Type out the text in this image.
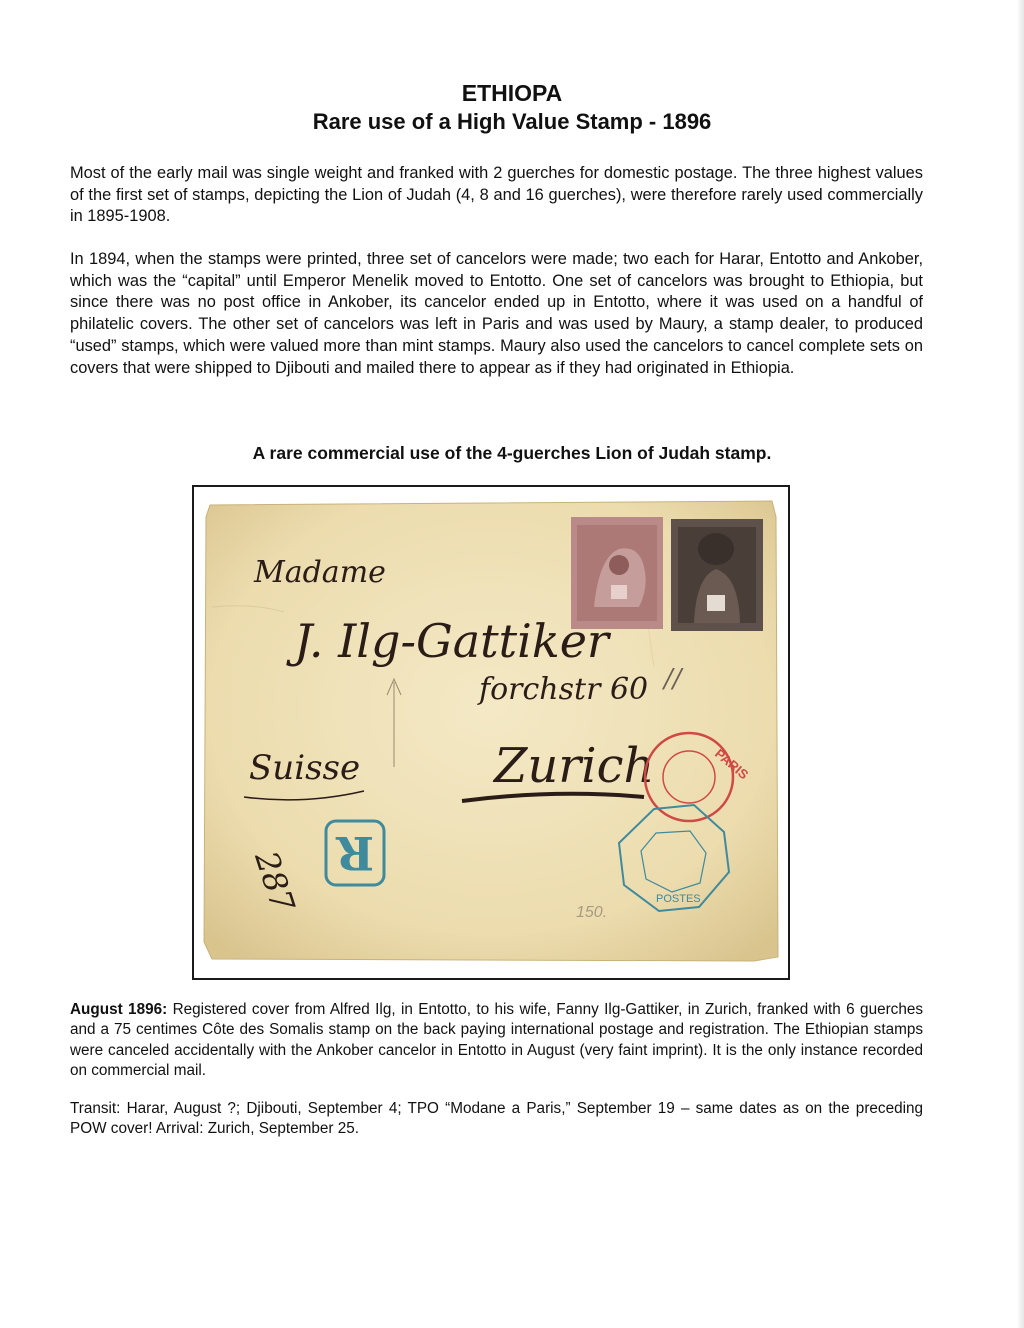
ETHIOPA
Rare use of a High Value Stamp - 1896

Most of the early mail was single weight and franked with 2 guerches for domestic postage. The three highest values of the first set of stamps, depicting the Lion of Judah (4, 8 and 16 guerches), were therefore rarely used commercially in 1895-1908.

In 1894, when the stamps were printed, three set of cancelors were made; two each for Harar, Entotto and Ankober, which was the “capital” until Emperor Menelik moved to Entotto. One set of cancelors was brought to Ethiopia, but since there was no post office in Ankober, its cancelor ended up in Entotto, where it was used on a handful of philatelic covers. The other set of cancelors was left in Paris and was used by Maury, a stamp dealer, to produced “used” stamps, which were valued more than mint stamps. Maury also used the cancelors to cancel complete sets on covers that were shipped to Djibouti and mailed there to appear as if they had originated in Ethiopia.

A rare commercial use of the 4-guerches Lion of Judah stamp.
Madame
J. Ilg-Gattiker
forchstr 60
Zurich
Suisse
//
287 R
PARIS
POSTES
150.

August 1896: Registered cover from Alfred Ilg, in Entotto, to his wife, Fanny Ilg-Gattiker, in Zurich, franked with 6 guerches and a 75 centimes Côte des Somalis stamp on the back paying international postage and registration. The Ethiopian stamps were canceled accidentally with the Ankober cancelor in Entotto in August (very faint imprint). It is the only instance recorded on commercial mail.

Transit: Harar, August ?; Djibouti, September 4; TPO “Modane a Paris,” September 19 – same dates as on the preceding POW cover! Arrival: Zurich, September 25.
